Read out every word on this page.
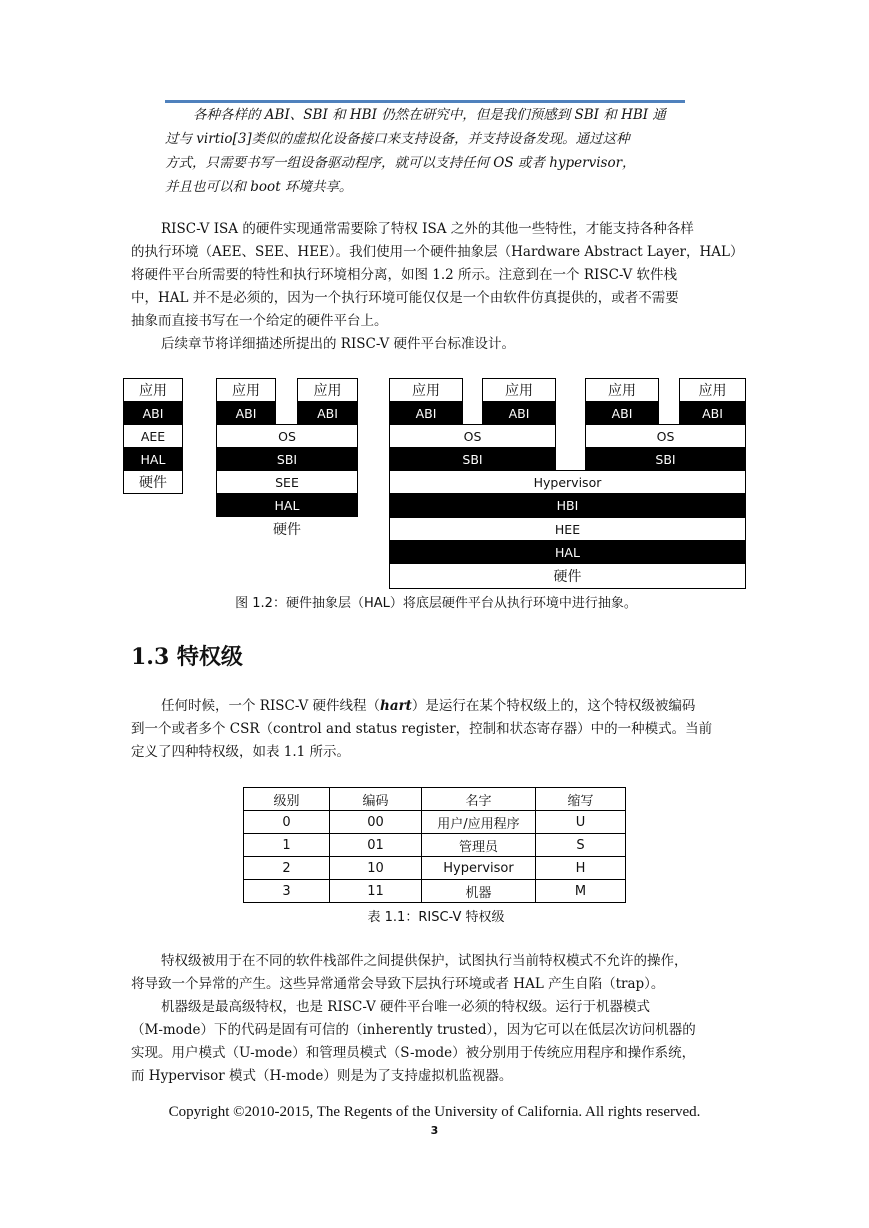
各种各样的 ABI、SBI 和 HBI 仍然在研究中，但是我们预感到 SBI 和 HBI 通
过与 virtio[3]类似的虚拟化设备接口来支持设备，并支持设备发现。通过这种
方式，只需要书写一组设备驱动程序，就可以支持任何 OS 或者 hypervisor，
并且也可以和 boot 环境共享。
RISC-V ISA 的硬件实现通常需要除了特权 ISA 之外的其他一些特性，才能支持各种各样
的执行环境（AEE、SEE、HEE）。我们使用一个硬件抽象层（Hardware Abstract Layer，HAL）
将硬件平台所需要的特性和执行环境相分离，如图 1.2 所示。注意到在一个 RISC-V 软件栈
中，HAL 并不是必须的，因为一个执行环境可能仅仅是一个由软件仿真提供的，或者不需要
抽象而直接书写在一个给定的硬件平台上。
后续章节将详细描述所提出的 RISC-V 硬件平台标准设计。
应用
ABI
AEE
HAL
硬件
应用	应用
ABI	ABI
OS
SBI
SEE
HAL
硬件
应用	应用	应用	应用
ABI	ABI	ABI	ABI
OS	OS
SBI	SBI
Hypervisor
HBI
HEE
HAL
硬件
图 1.2：硬件抽象层（HAL）将底层硬件平台从执行环境中进行抽象。
1.3 特权级
任何时候，一个 RISC-V 硬件线程（hart）是运行在某个特权级上的，这个特权级被编码
到一个或者多个 CSR（control and status register，控制和状态寄存器）中的一种模式。当前
定义了四种特权级，如表 1.1 所示。
级别	编码	名字	缩写
0	00	用户/应用程序	U
1	01	管理员	S
2	10	Hypervisor	H
3	11	机器	M
表 1.1：RISC-V 特权级
特权级被用于在不同的软件栈部件之间提供保护，试图执行当前特权模式不允许的操作，
将导致一个异常的产生。这些异常通常会导致下层执行环境或者 HAL 产生自陷（trap）。
机器级是最高级特权，也是 RISC-V 硬件平台唯一必须的特权级。运行于机器模式
（M-mode）下的代码是固有可信的（inherently trusted），因为它可以在低层次访问机器的
实现。用户模式（U-mode）和管理员模式（S-mode）被分别用于传统应用程序和操作系统，
而 Hypervisor 模式（H-mode）则是为了支持虚拟机监视器。
Copyright ©2010-2015, The Regents of the University of California. All rights reserved.
3
